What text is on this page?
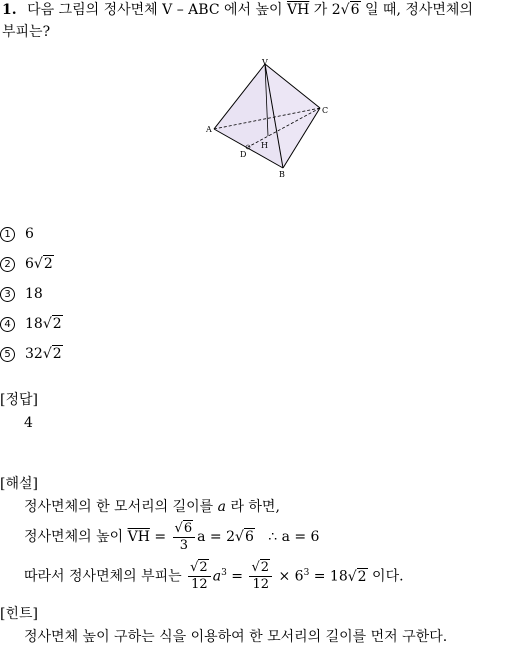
1. 다음 그림의 정사면체 V – ABC 에서 높이 $\overline{VH}$ 가 2√6 일 때, 정사면체의
부피는?
V
A
B
C
D
H
1	6
2	6 √2
3	18
4	18 √2
5	32 √2
[정답]
4
[해설]
정사면체의 한 모서리의 길이를 a 라 하면,
정사면체의 높이 $\overline{VH} = \frac{√6}{3}$ a = 2√6 ∴ a = 6
따라서 정사면체의 부피는 $\frac{√2}{12} a^3 = \frac{√2}{12} \times 6^3 = 18√2$ 이다.
[힌트]
정사면체 높이 구하는 식을 이용하여 한 모서리의 길이를 먼저 구한다.
